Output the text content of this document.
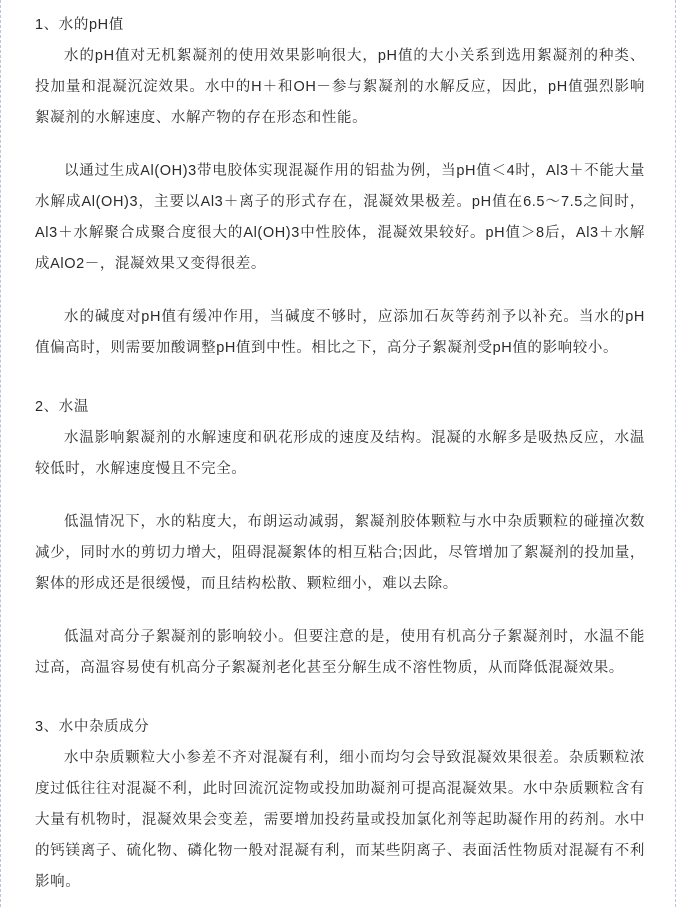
1、水的pH值

水的pH值对无机絮凝剂的使用效果影响很大，pH值的大小关系到选用絮凝剂的种类、投加量和混凝沉淀效果。水中的H＋和OH－参与絮凝剂的水解反应，因此，pH值强烈影响絮凝剂的水解速度、水解产物的存在形态和性能。

以通过生成Al(OH)3带电胶体实现混凝作用的铝盐为例，当pH值＜4时，Al3＋不能大量水解成Al(OH)3，主要以Al3＋离子的形式存在，混凝效果极差。pH值在6.5～7.5之间时，Al3＋水解聚合成聚合度很大的Al(OH)3中性胶体，混凝效果较好。pH值＞8后，Al3＋水解成AlO2－，混凝效果又变得很差。

水的碱度对pH值有缓冲作用，当碱度不够时，应添加石灰等药剂予以补充。当水的pH值偏高时，则需要加酸调整pH值到中性。相比之下，高分子絮凝剂受pH值的影响较小。

2、水温

水温影响絮凝剂的水解速度和矾花形成的速度及结构。混凝的水解多是吸热反应，水温较低时，水解速度慢且不完全。

低温情况下，水的粘度大，布朗运动减弱，絮凝剂胶体颗粒与水中杂质颗粒的碰撞次数减少，同时水的剪切力增大，阻碍混凝絮体的相互粘合;因此，尽管增加了絮凝剂的投加量，絮体的形成还是很缓慢，而且结构松散、颗粒细小，难以去除。

低温对高分子絮凝剂的影响较小。但要注意的是，使用有机高分子絮凝剂时，水温不能过高，高温容易使有机高分子絮凝剂老化甚至分解生成不溶性物质，从而降低混凝效果。

3、水中杂质成分

水中杂质颗粒大小参差不齐对混凝有利，细小而均匀会导致混凝效果很差。杂质颗粒浓度过低往往对混凝不利，此时回流沉淀物或投加助凝剂可提高混凝效果。水中杂质颗粒含有大量有机物时，混凝效果会变差，需要增加投药量或投加氯化剂等起助凝作用的药剂。水中的钙镁离子、硫化物、磷化物一般对混凝有利，而某些阴离子、表面活性物质对混凝有不利影响。
